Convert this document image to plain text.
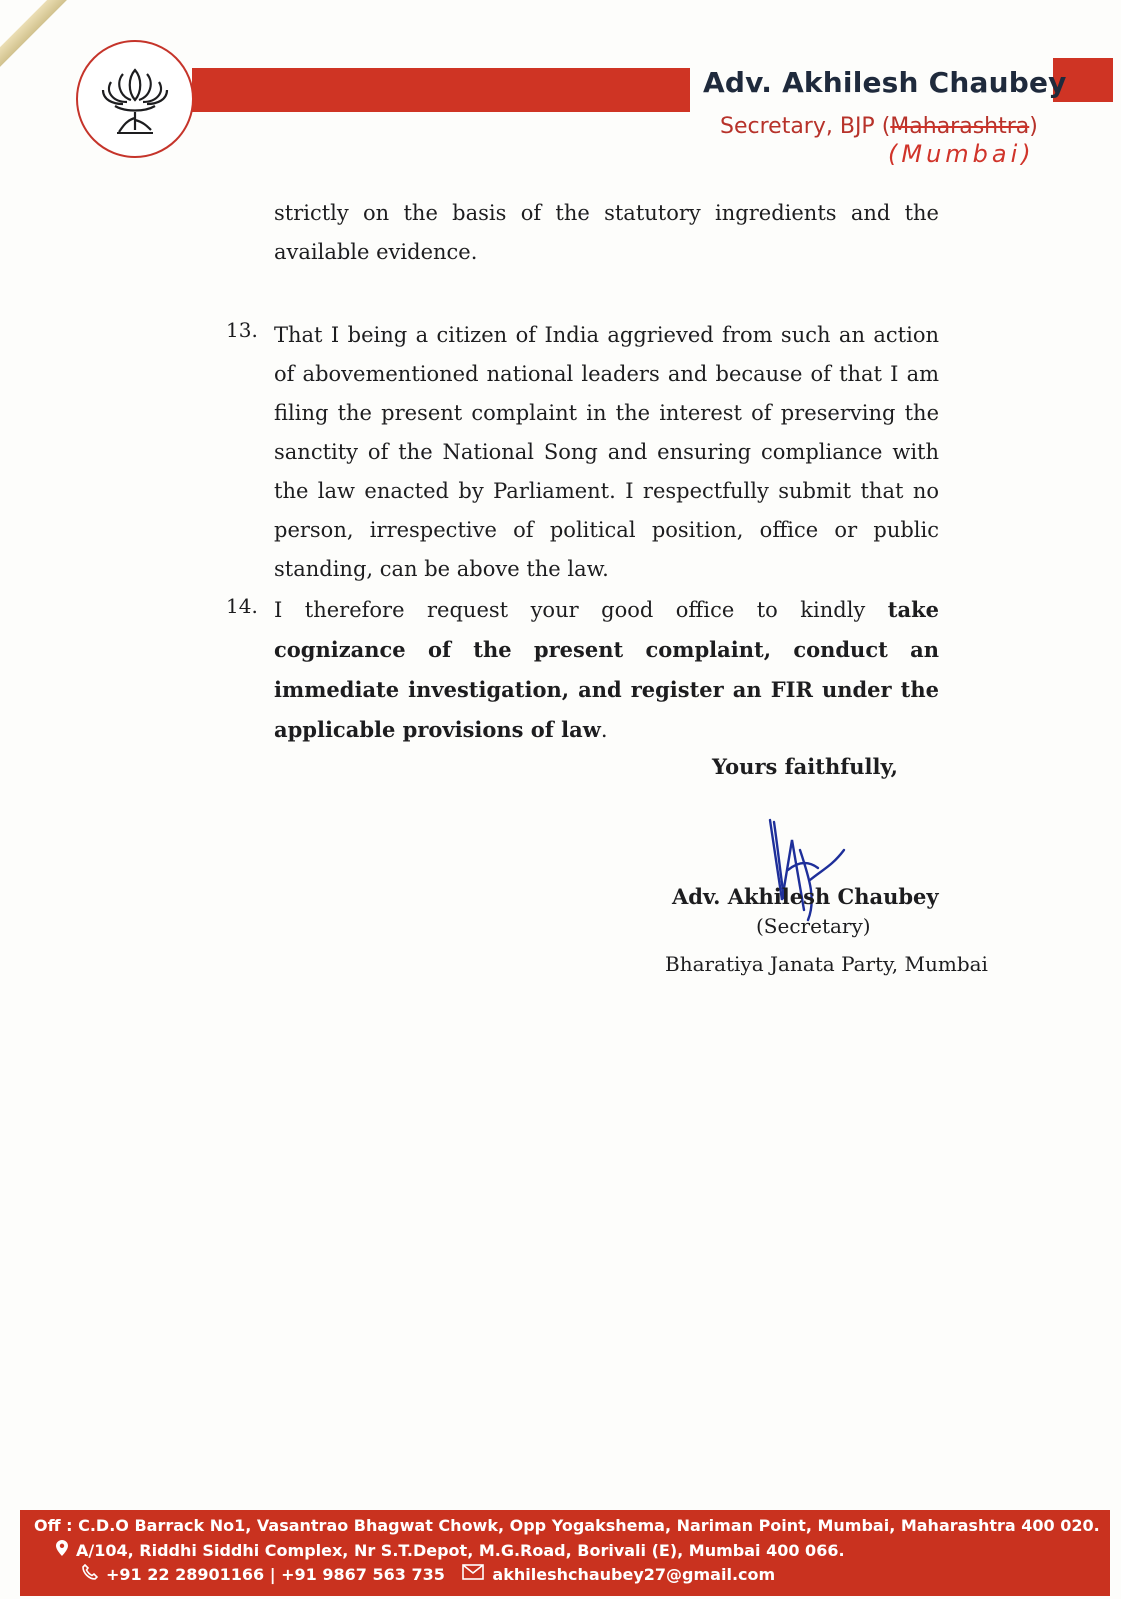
Adv. Akhilesh Chaubey
Secretary, BJP (Maharashtra)
(Mumbai)
strictly on the basis of the statutory ingredients and the available evidence.
13. That I being a citizen of India aggrieved from such an action of abovementioned national leaders and because of that I am filing the present complaint in the interest of preserving the sanctity of the National Song and ensuring compliance with the law enacted by Parliament. I respectfully submit that no person, irrespective of political position, office or public standing, can be above the law.
14. I therefore request your good office to kindly take cognizance of the present complaint, conduct an immediate investigation, and register an FIR under the applicable provisions of law.
Yours faithfully,
Adv. Akhilesh Chaubey
(Secretary)
Bharatiya Janata Party, Mumbai
Off : C.D.O Barrack No1, Vasantrao Bhagwat Chowk, Opp Yogakshema, Nariman Point, Mumbai, Maharashtra 400 020.
A/104, Riddhi Siddhi Complex, Nr S.T.Depot, M.G.Road, Borivali (E), Mumbai 400 066.
+91 22 28901166 | +91 9867 563 735	akhileshchaubey27@gmail.com
